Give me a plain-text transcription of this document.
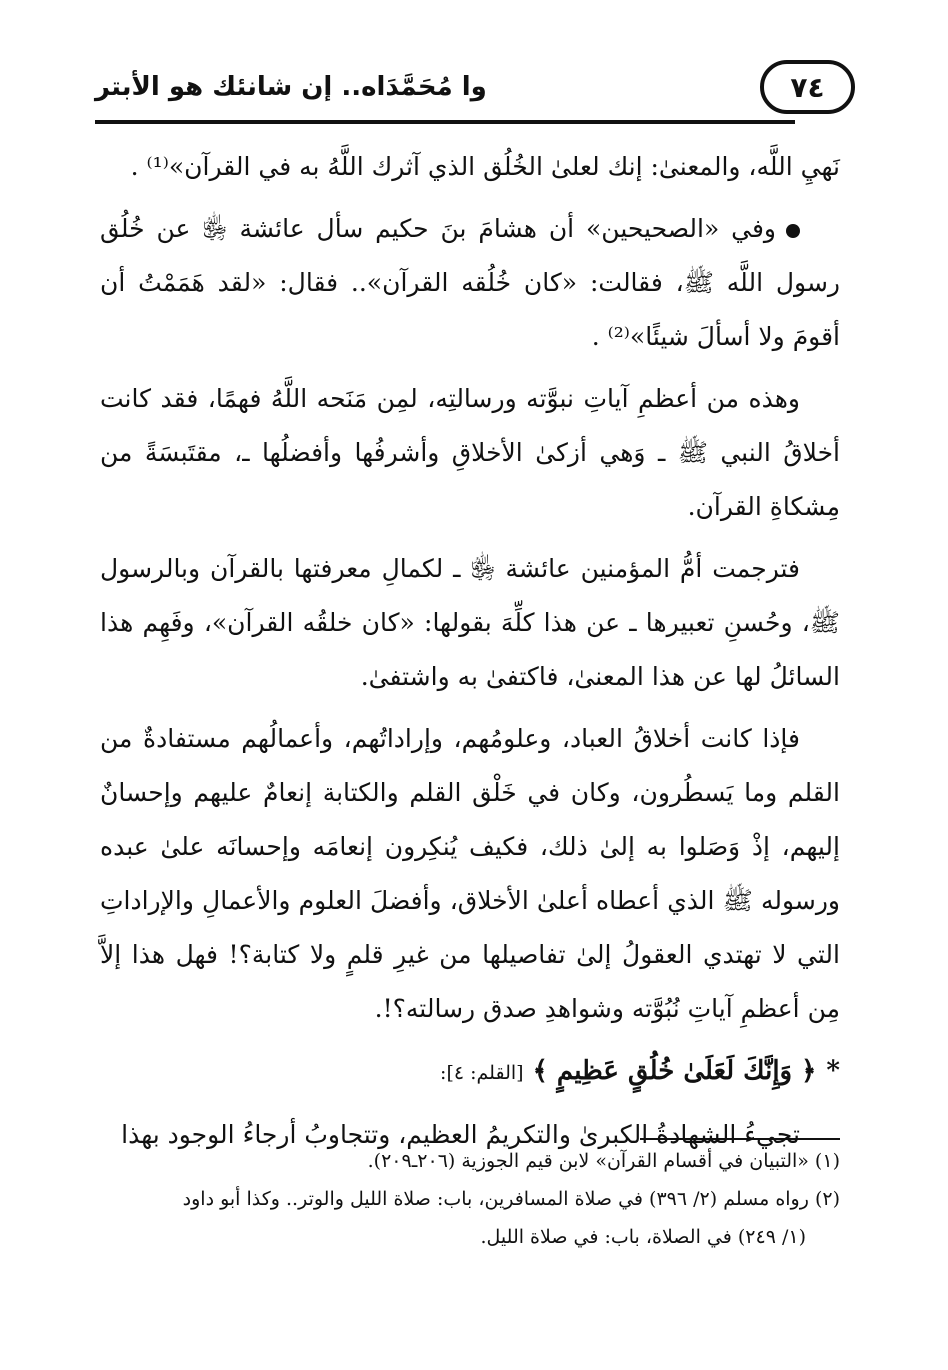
٧٤
وا مُحَمَّدَاه.. إن شانئك هو الأبتر

نَهيِ اللَّه، والمعنىٰ: إنك لعلىٰ الخُلُق الذي آثرك اللَّهُ به في القرآن»⁽¹⁾ .

وفي «الصحيحين» أن هشامَ بنَ حكيم سأل عائشة ﵂ عن خُلُق رسول اللَّه ﷺ، فقالت: «كان خُلُقه القرآن».. فقال: «لقد هَمَمْتُ أن أقومَ ولا أسألَ شيئًا»⁽²⁾ .

وهذه من أعظمِ آياتِ نبوَّته ورسالتِه، لمِن مَنَحه اللَّهُ فهمًا، فقد كانت أخلاقُ النبي ﷺ ـ وَهي أزكىٰ الأخلاقِ وأشرفُها وأفضلُها ـ، مقتَبسَةً من مِشكاةِ القرآن.

فترجمت أمُّ المؤمنين عائشة ﵂ ـ لكمالِ معرفتها بالقرآن وبالرسول ﷺ، وحُسنِ تعبيرها ـ عن هذا كلِّهَ بقولها: «كان خلقُه القرآن»، وفَهِم هذا السائلُ لها عن هذا المعنىٰ، فاكتفىٰ به واشتفىٰ.

فإذا كانت أخلاقُ العباد، وعلومُهم، وإراداتُهم، وأعمالُهم مستفادةٌ من القلم وما يَسطُرون، وكان في خَلْق القلم والكتابة إنعامٌ عليهم وإحسانٌ إليهم، إذْ وَصَلوا به إلىٰ ذلك، فكيف يُنكِرون إنعامَه وإحسانَه علىٰ عبده ورسوله ﷺ الذي أعطاه أعلىٰ الأخلاق، وأفضلَ العلوم والأعمالِ والإراداتِ التي لا تهتدي العقولُ إلىٰ تفاصيلها من غيرِ قلمٍ ولا كتابة؟! فهل هذا إلاَّ مِن أعظمِ آياتِ نُبُوَّته وشواهدِ صدق رسالته؟!.

*﴿ وَإِنَّكَ لَعَلَىٰ خُلُقٍ عَظِيمٍ ﴾ [القلم: ٤]:

تجيءُ الشهادةُ الكبرىٰ والتكريمُ العظيم، وتتجاوبُ أرجاءُ الوجود بهذا

(١) «التبيان في أقسام القرآن» لابن قيم الجوزية (٢٠٦ـ٢٠٩).

(٢) رواه مسلم (٢/ ٣٩٦) في صلاة المسافرين، باب: صلاة الليل والوتر.. وكذا أبو داود

(١/ ٢٤٩) في الصلاة، باب: في صلاة الليل.
